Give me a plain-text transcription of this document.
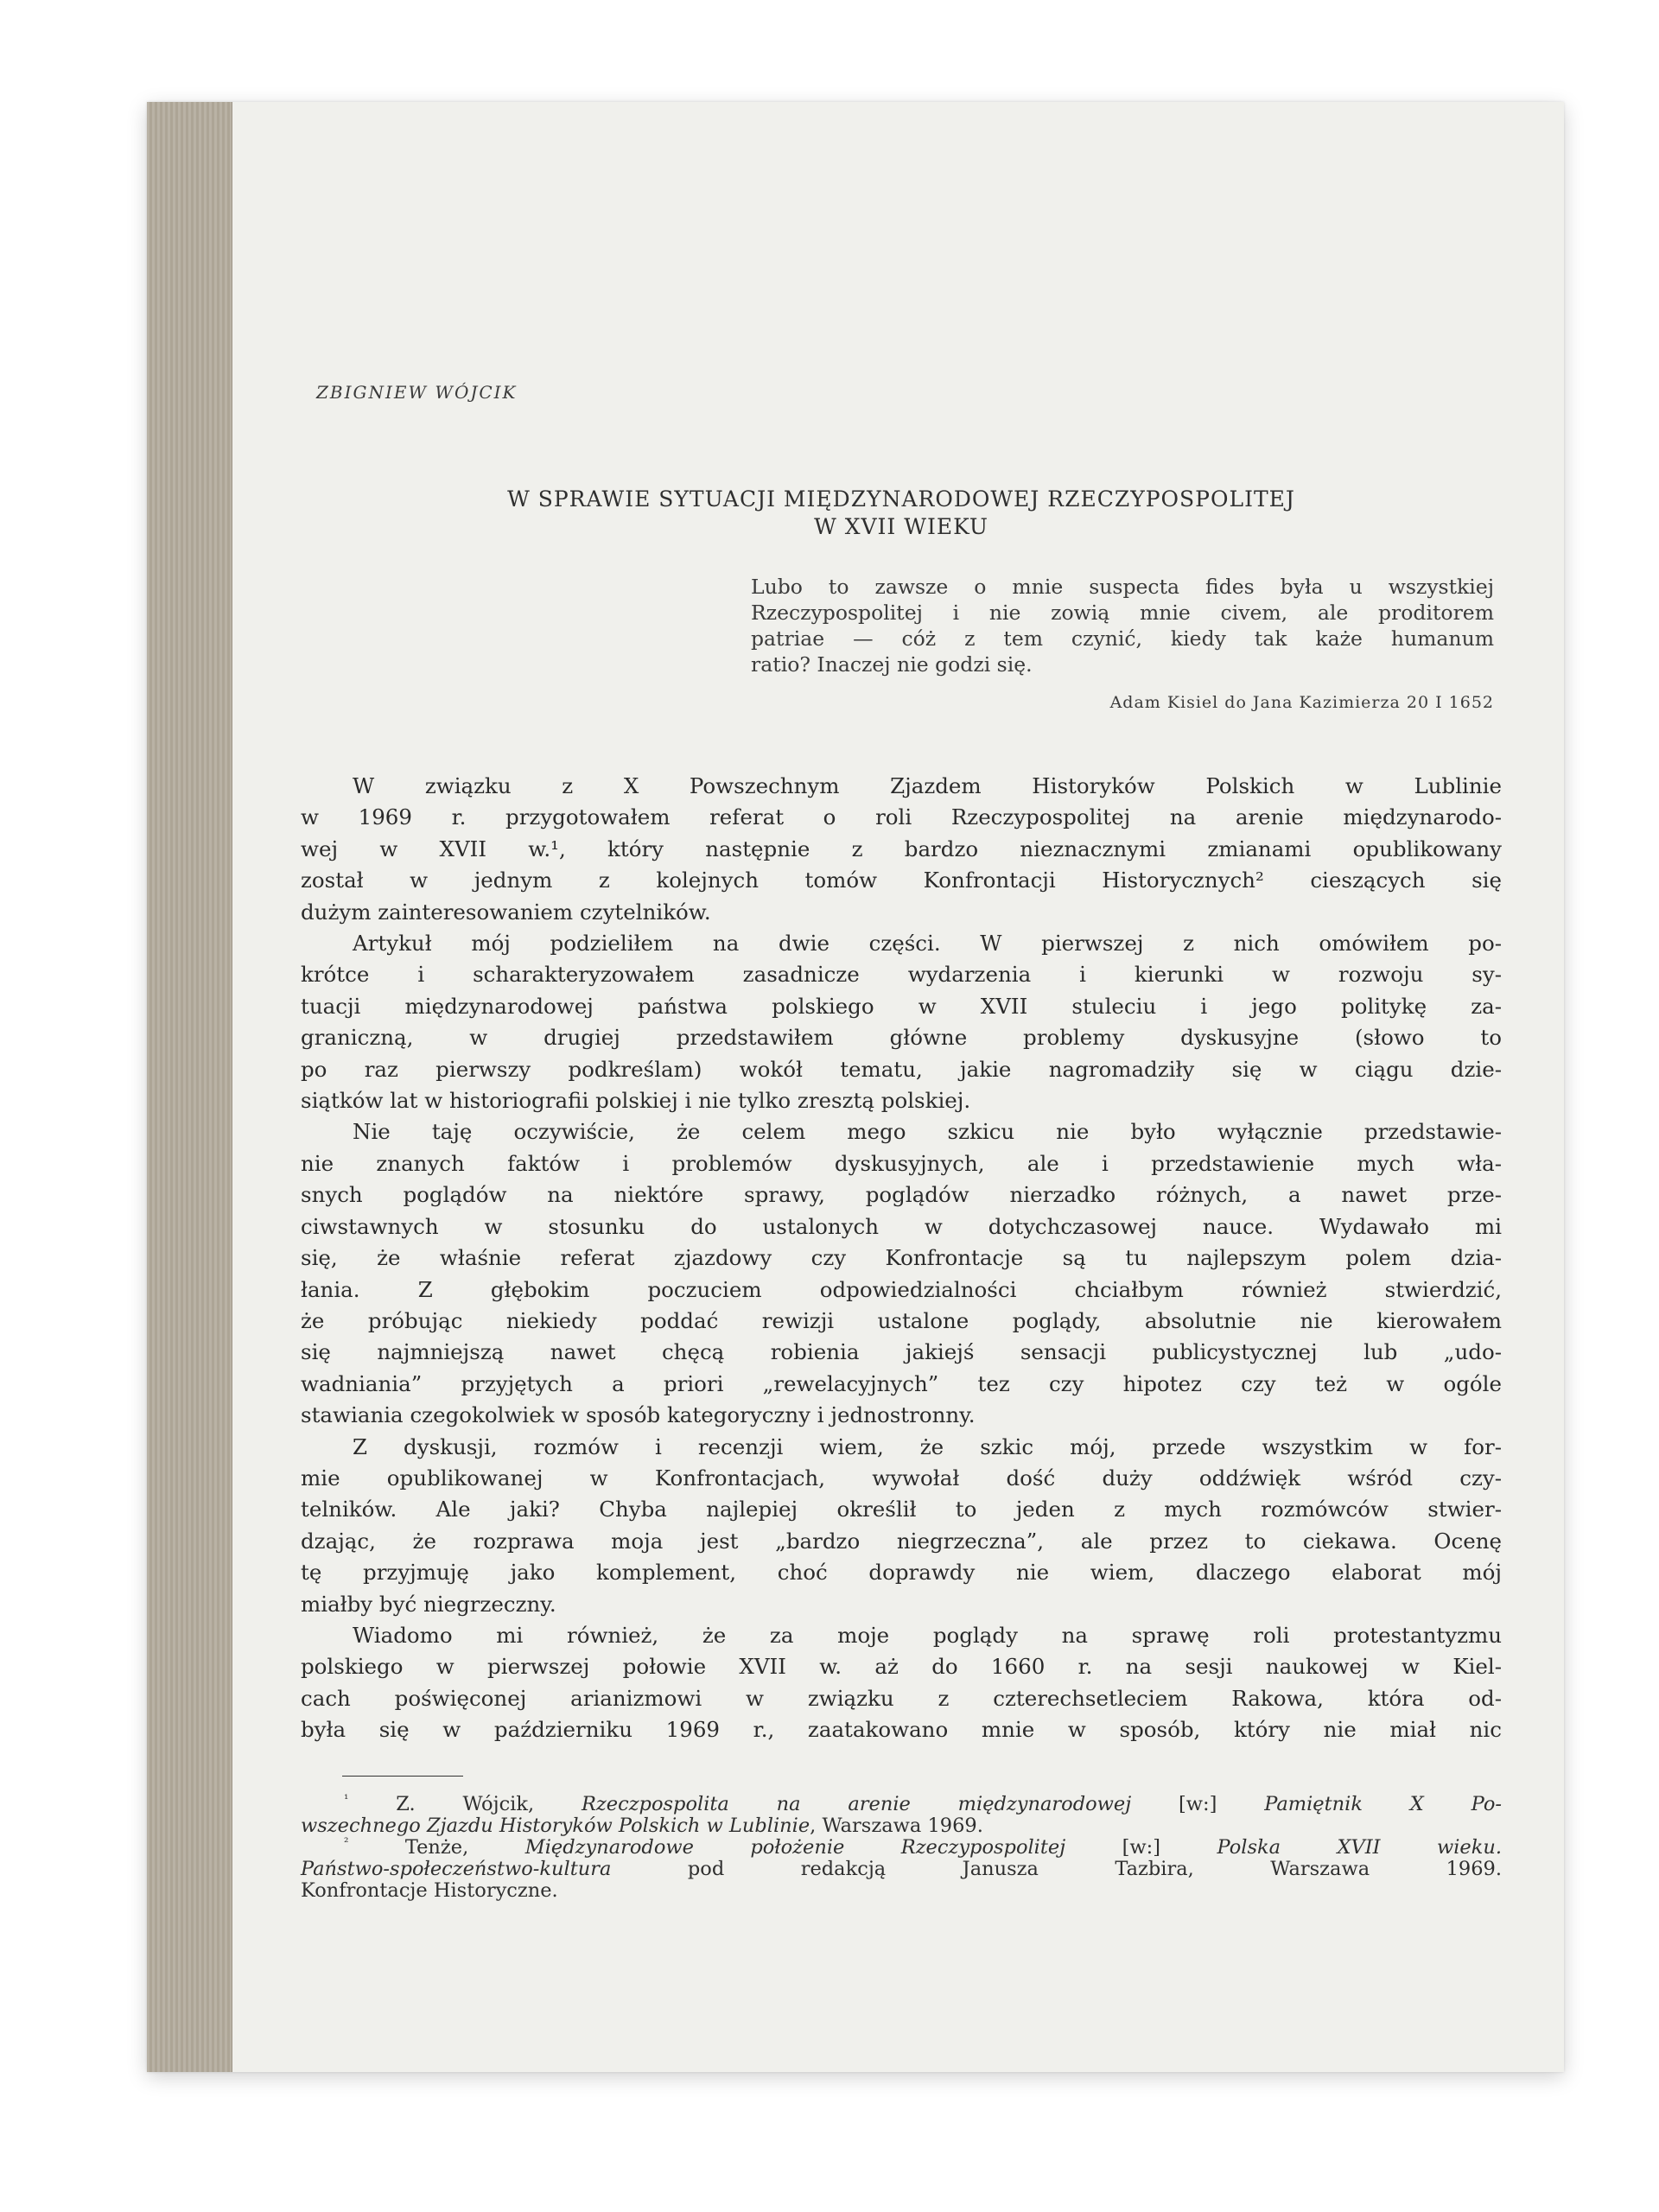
ZBIGNIEW WÓJCIK
W SPRAWIE SYTUACJI MIĘDZYNARODOWEJ RZECZYPOSPOLITEJ
W XVII WIEKU
Lubo to zawsze o mnie suspecta fides była u wszystkiej
Rzeczypospolitej i nie zowią mnie civem, ale proditorem
patriae — cóż z tem czynić, kiedy tak każe humanum
ratio? Inaczej nie godzi się.
Adam Kisiel do Jana Kazimierza 20 I 1652
W związku z X Powszechnym Zjazdem Historyków Polskich w Lublinie
w 1969 r. przygotowałem referat o roli Rzeczypospolitej na arenie międzynarodo-
wej w XVII w.¹, który następnie z bardzo nieznacznymi zmianami opublikowany
został w jednym z kolejnych tomów Konfrontacji Historycznych² cieszących się
dużym zainteresowaniem czytelników.
Artykuł mój podzieliłem na dwie części. W pierwszej z nich omówiłem po-
krótce i scharakteryzowałem zasadnicze wydarzenia i kierunki w rozwoju sy-
tuacji międzynarodowej państwa polskiego w XVII stuleciu i jego politykę za-
graniczną, w drugiej przedstawiłem główne problemy dyskusyjne (słowo to
po raz pierwszy podkreślam) wokół tematu, jakie nagromadziły się w ciągu dzie-
siątków lat w historiografii polskiej i nie tylko zresztą polskiej.
Nie taję oczywiście, że celem mego szkicu nie było wyłącznie przedstawie-
nie znanych faktów i problemów dyskusyjnych, ale i przedstawienie mych wła-
snych poglądów na niektóre sprawy, poglądów nierzadko różnych, a nawet prze-
ciwstawnych w stosunku do ustalonych w dotychczasowej nauce. Wydawało mi
się, że właśnie referat zjazdowy czy Konfrontacje są tu najlepszym polem dzia-
łania. Z głębokim poczuciem odpowiedzialności chciałbym również stwierdzić,
że próbując niekiedy poddać rewizji ustalone poglądy, absolutnie nie kierowałem
się najmniejszą nawet chęcą robienia jakiejś sensacji publicystycznej lub „udo-
wadniania” przyjętych a priori „rewelacyjnych” tez czy hipotez czy też w ogóle
stawiania czegokolwiek w sposób kategoryczny i jednostronny.
Z dyskusji, rozmów i recenzji wiem, że szkic mój, przede wszystkim w for-
mie opublikowanej w Konfrontacjach, wywołał dość duży oddźwięk wśród czy-
telników. Ale jaki? Chyba najlepiej określił to jeden z mych rozmówców stwier-
dzając, że rozprawa moja jest „bardzo niegrzeczna”, ale przez to ciekawa. Ocenę
tę przyjmuję jako komplement, choć doprawdy nie wiem, dlaczego elaborat mój
miałby być niegrzeczny.
Wiadomo mi również, że za moje poglądy na sprawę roli protestantyzmu
polskiego w pierwszej połowie XVII w. aż do 1660 r. na sesji naukowej w Kiel-
cach poświęconej arianizmowi w związku z czterechsetleciem Rakowa, która od-
była się w październiku 1969 r., zaatakowano mnie w sposób, który nie miał nic
$^{^1}$ Z. Wójcik, Rzeczpospolita na arenie międzynarodowej [w:] Pamiętnik X Po-
wszechnego Zjazdu Historyków Polskich w Lublinie, Warszawa 1969.
$^{^2}$	Tenże, Międzynarodowe położenie Rzeczypospolitej [w:] Polska XVII wieku.
Państwo-społeczeństwo-kultura pod redakcją Janusza Tazbira, Warszawa 1969.
Konfrontacje Historyczne.
